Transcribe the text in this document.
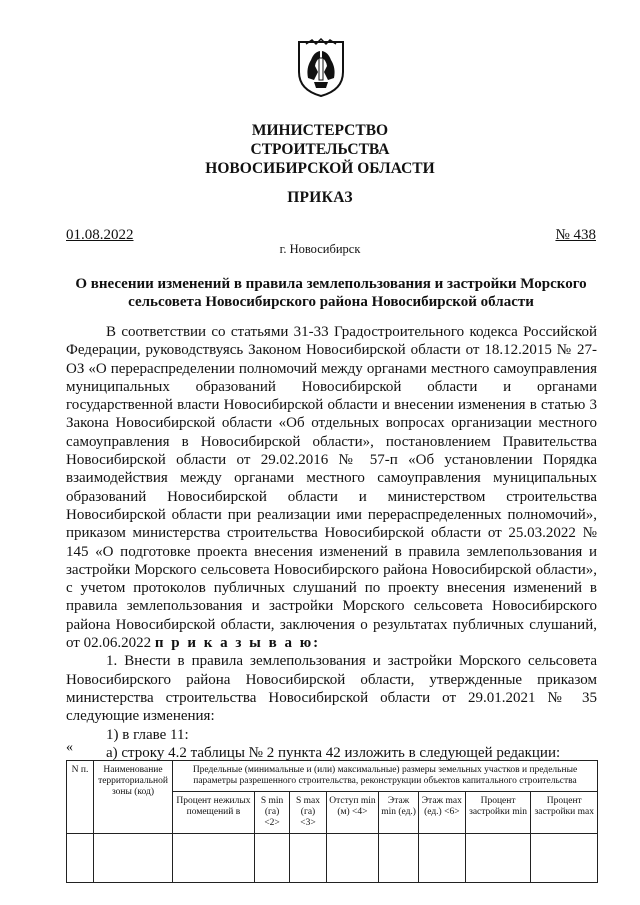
МИНИСТЕРСТВО
СТРОИТЕЛЬСТВА
НОВОСИБИРСКОЙ ОБЛАСТИ
ПРИКАЗ
01.08.2022	№ 438
г. Новосибирск
О внесении изменений в правила землепользования и застройки Морского сельсовета Новосибирского района Новосибирской области

В соответствии со статьями 31-33 Градостроительного кодекса Российской Федерации, руководствуясь Законом Новосибирской области от 18.12.2015 № 27-ОЗ «О перераспределении полномочий между органами местного самоуправления муниципальных образований Новосибирской области и органами государственной власти Новосибирской области и внесении изменения в статью 3 Закона Новосибирской области «Об отдельных вопросах организации местного самоуправления в Новосибирской области», постановлением Правительства Новосибирской области от 29.02.2016 № 57-п «Об установлении Порядка взаимодействия между органами местного самоуправления муниципальных образований Новосибирской области и министерством строительства Новосибирской области при реализации ими перераспределенных полномочий», приказом министерства строительства Новосибирской области от 25.03.2022 № 145 «О подготовке проекта внесения изменений в правила землепользования и застройки Морского сельсовета Новосибирского района Новосибирской области», с учетом протоколов публичных слушаний по проекту внесения изменений в правила землепользования и застройки Морского сельсовета Новосибирского района Новосибирской области, заключения о результатах публичных слушаний, от 02.06.2022 п р и к а з ы в а ю:

1. Внести в правила землепользования и застройки Морского сельсовета Новосибирского района Новосибирской области, утвержденные приказом министерства строительства Новосибирской области от 29.01.2021 № 35 следующие изменения:

1) в главе 11:

а) строку 4.2 таблицы № 2 пункта 42 изложить в следующей редакции:

«
N п.	Наименование территориальной зоны (код)	Предельные (минимальные и (или) максимальные) размеры земельных участков и предельные параметры разрешенного строительства, реконструкции объектов капитального строительства							
		Процент нежилых помещений в	S min (га) <2>	S max (га) <3>	Отступ min (м) <4>	Этаж min (ед.)	Этаж max (ед.) <6>	Процент застройки min	Процент застройки max
